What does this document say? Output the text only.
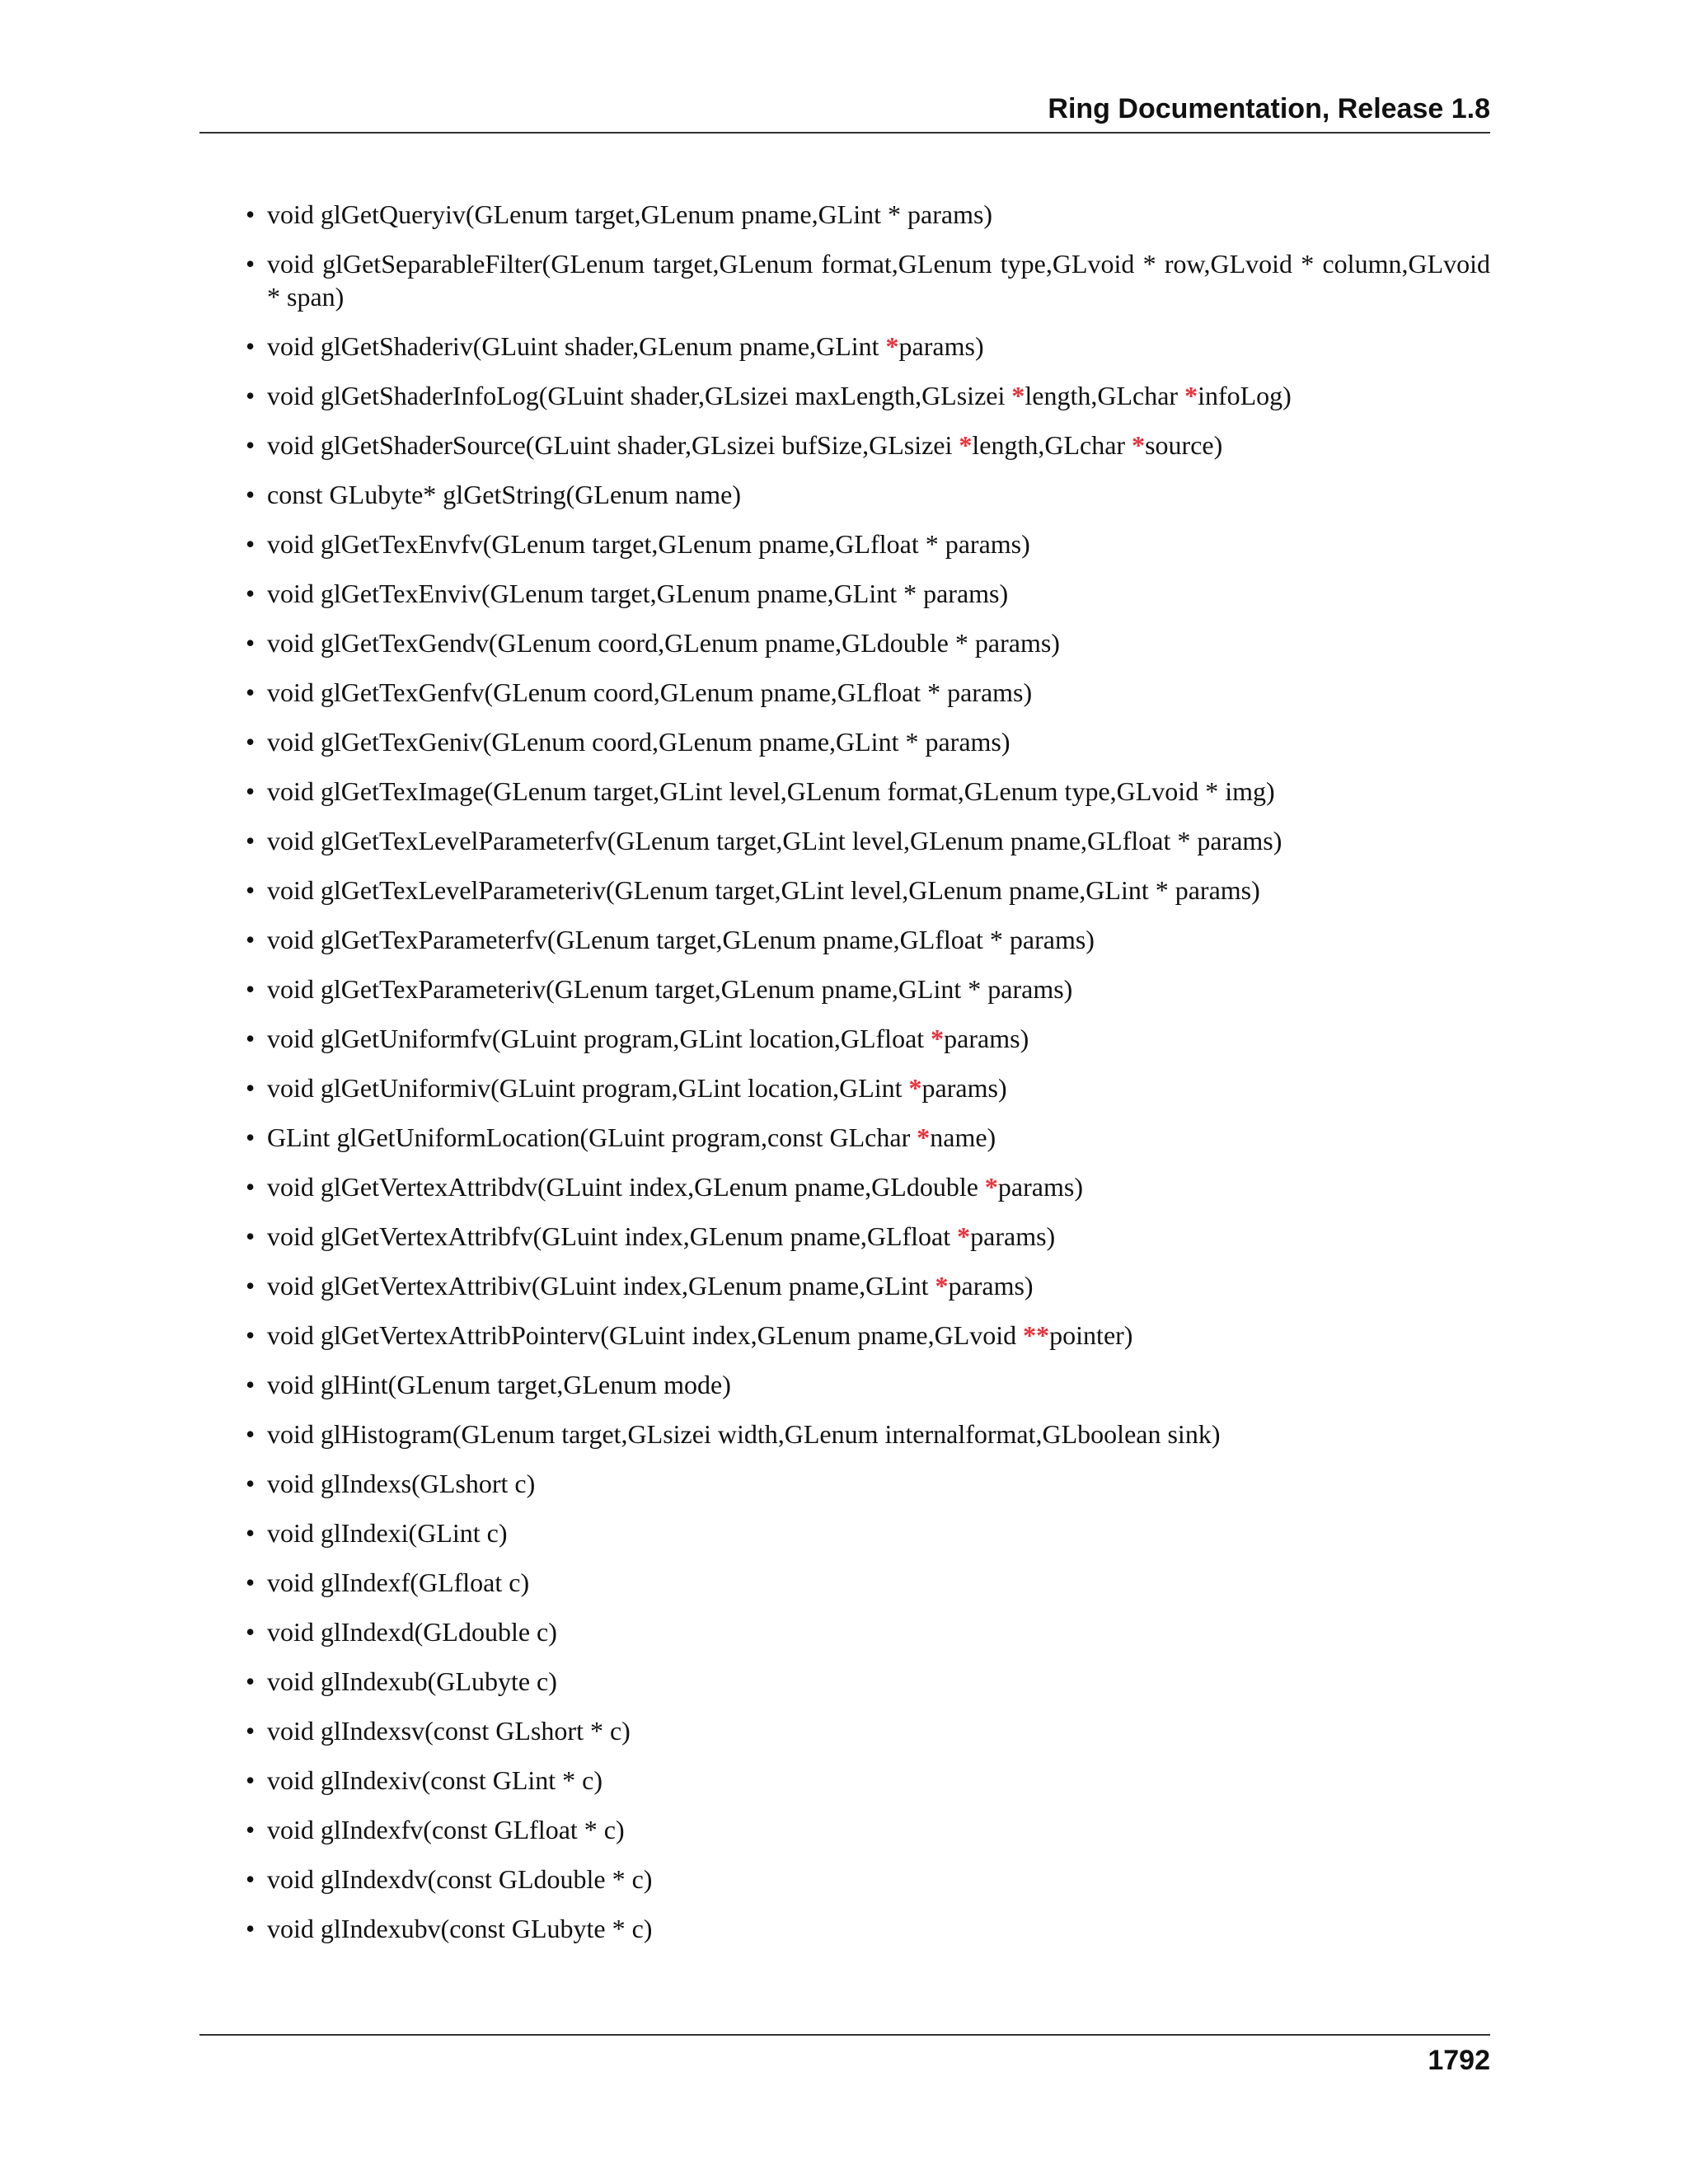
Ring Documentation, Release 1.8
• void glGetQueryiv(GLenum target,GLenum pname,GLint * params)
• void glGetSeparableFilter(GLenum target,GLenum format,GLenum type,GLvoid * row,GLvoid * column,GLvoid * span)
• void glGetShaderiv(GLuint shader,GLenum pname,GLint *params)
• void glGetShaderInfoLog(GLuint shader,GLsizei maxLength,GLsizei *length,GLchar *infoLog)
• void glGetShaderSource(GLuint shader,GLsizei bufSize,GLsizei *length,GLchar *source)
• const GLubyte* glGetString(GLenum name)
• void glGetTexEnvfv(GLenum target,GLenum pname,GLfloat * params)
• void glGetTexEnviv(GLenum target,GLenum pname,GLint * params)
• void glGetTexGendv(GLenum coord,GLenum pname,GLdouble * params)
• void glGetTexGenfv(GLenum coord,GLenum pname,GLfloat * params)
• void glGetTexGeniv(GLenum coord,GLenum pname,GLint * params)
• void glGetTexImage(GLenum target,GLint level,GLenum format,GLenum type,GLvoid * img)
• void glGetTexLevelParameterfv(GLenum target,GLint level,GLenum pname,GLfloat * params)
• void glGetTexLevelParameteriv(GLenum target,GLint level,GLenum pname,GLint * params)
• void glGetTexParameterfv(GLenum target,GLenum pname,GLfloat * params)
• void glGetTexParameteriv(GLenum target,GLenum pname,GLint * params)
• void glGetUniformfv(GLuint program,GLint location,GLfloat *params)
• void glGetUniformiv(GLuint program,GLint location,GLint *params)
• GLint glGetUniformLocation(GLuint program,const GLchar *name)
• void glGetVertexAttribdv(GLuint index,GLenum pname,GLdouble *params)
• void glGetVertexAttribfv(GLuint index,GLenum pname,GLfloat *params)
• void glGetVertexAttribiv(GLuint index,GLenum pname,GLint *params)
• void glGetVertexAttribPointerv(GLuint index,GLenum pname,GLvoid **pointer)
• void glHint(GLenum target,GLenum mode)
• void glHistogram(GLenum target,GLsizei width,GLenum internalformat,GLboolean sink)
• void glIndexs(GLshort c)
• void glIndexi(GLint c)
• void glIndexf(GLfloat c)
• void glIndexd(GLdouble c)
• void glIndexub(GLubyte c)
• void glIndexsv(const GLshort * c)
• void glIndexiv(const GLint * c)
• void glIndexfv(const GLfloat * c)
• void glIndexdv(const GLdouble * c)
• void glIndexubv(const GLubyte * c)
1792
